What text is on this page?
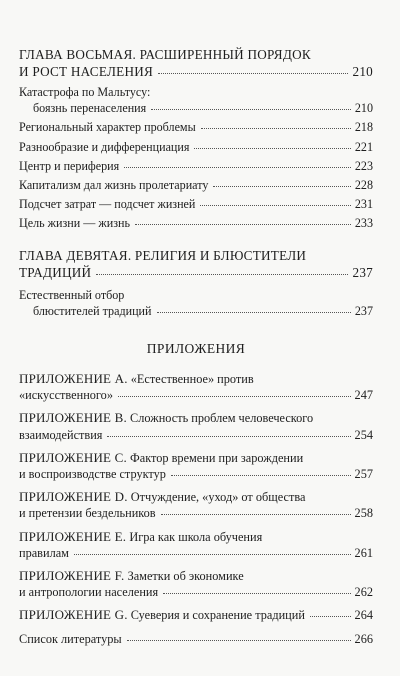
ГЛАВА ВОСЬМАЯ. РАСШИРЕННЫЙ ПОРЯДОК
И РОСТ НАСЕЛЕНИЯ	210
Катастрофа по Мальтусу:
боязнь перенаселения	210
Региональный характер проблемы	218
Разнообразие и дифференциация	221
Центр и периферия	223
Капитализм дал жизнь пролетариату	228
Подсчет затрат — подсчет жизней	231
Цель жизни — жизнь	233
ГЛАВА ДЕВЯТАЯ. РЕЛИГИЯ И БЛЮСТИТЕЛИ
ТРАДИЦИЙ	237
Естественный отбор
блюстителей традиций	237
ПРИЛОЖЕНИЯ
ПРИЛОЖЕНИЕ A. «Естественное» против
«искусственного»	247
ПРИЛОЖЕНИЕ B. Сложность проблем человеческого
взаимодействия	254
ПРИЛОЖЕНИЕ C. Фактор времени при зарождении
и воспроизводстве структур	257
ПРИЛОЖЕНИЕ D. Отчуждение, «уход» от общества
и претензии бездельников	258
ПРИЛОЖЕНИЕ E. Игра как школа обучения
правилам	261
ПРИЛОЖЕНИЕ F. Заметки об экономике
и антропологии населения	262
ПРИЛОЖЕНИЕ G. Суеверия и сохранение традиций	264
Список литературы	266
